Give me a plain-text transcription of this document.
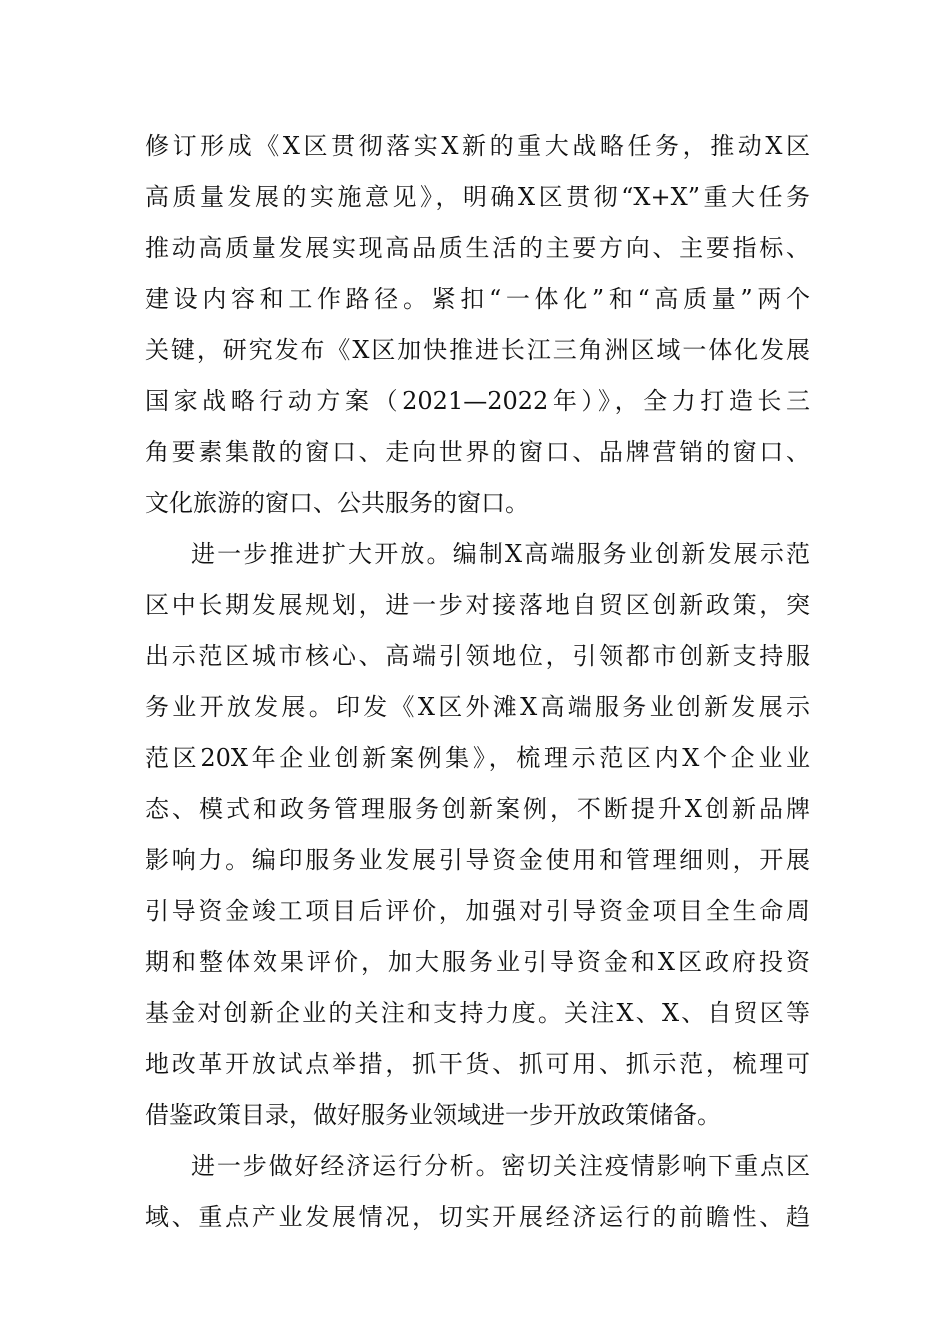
修订形成《X区贯彻落实X新的重大战略任务，推动X区
高质量发展的实施意见》，明确X区贯彻“X+X”重大任务
推动高质量发展实现高品质生活的主要方向、主要指标、
建设内容和工作路径。紧扣“一体化”和“高质量”两个
关键，研究发布《X区加快推进长江三角洲区域一体化发展
国家战略行动方案（2021—2022年）》，全力打造长三
角要素集散的窗口、走向世界的窗口、品牌营销的窗口、
文化旅游的窗口、公共服务的窗口。
进一步推进扩大开放。编制X高端服务业创新发展示范
区中长期发展规划，进一步对接落地自贸区创新政策，突
出示范区城市核心、高端引领地位，引领都市创新支持服
务业开放发展。印发《X区外滩X高端服务业创新发展示
范区20X年企业创新案例集》，梳理示范区内X个企业业
态、模式和政务管理服务创新案例，不断提升X创新品牌
影响力。编印服务业发展引导资金使用和管理细则，开展
引导资金竣工项目后评价，加强对引导资金项目全生命周
期和整体效果评价，加大服务业引导资金和X区政府投资
基金对创新企业的关注和支持力度。关注X、X、自贸区等
地改革开放试点举措，抓干货、抓可用、抓示范，梳理可
借鉴政策目录，做好服务业领域进一步开放政策储备。
进一步做好经济运行分析。密切关注疫情影响下重点区
域、重点产业发展情况，切实开展经济运行的前瞻性、趋
